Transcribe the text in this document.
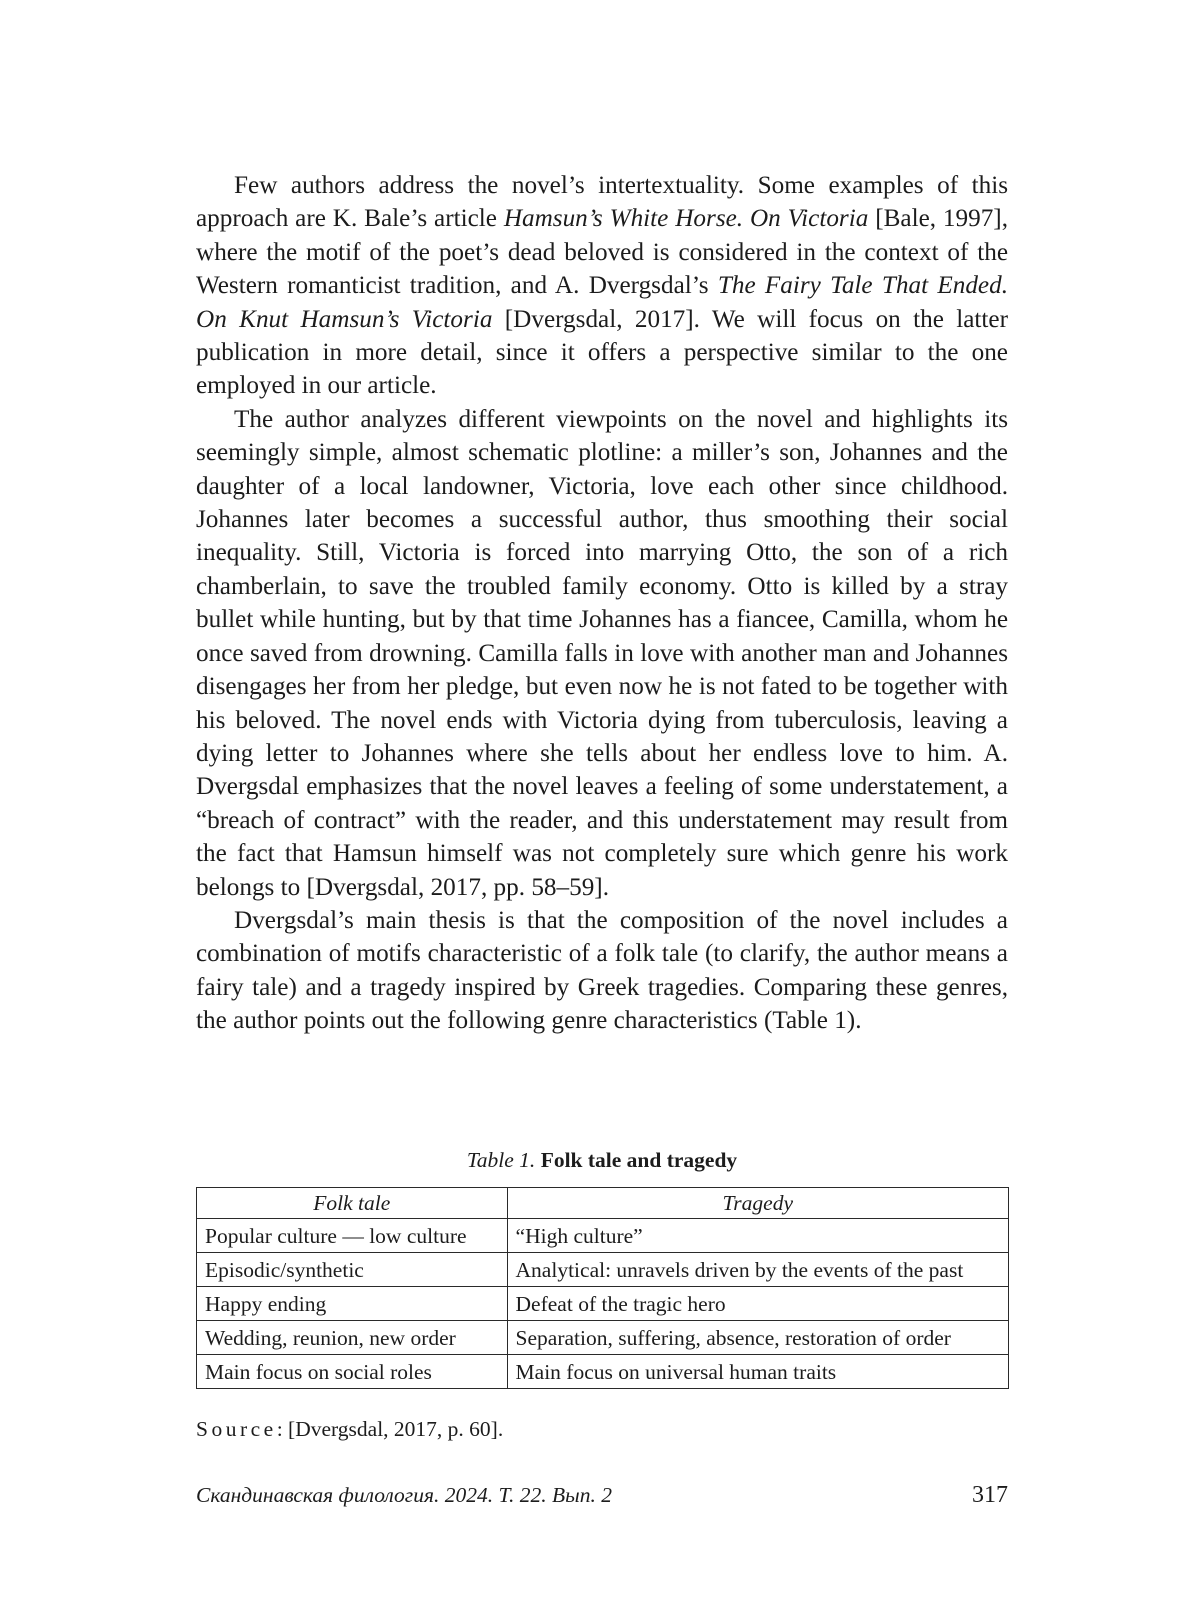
Few authors address the novel’s intertextuality. Some examples of this approach are K. Bale’s article Hamsun’s White Horse. On Victoria [Bale, 1997], where the motif of the poet’s dead beloved is considered in the context of the Western romanticist tradition, and A. Dvergsdal’s The Fairy Tale That Ended. On Knut Hamsun’s Victoria [Dvergsdal, 2017]. We will focus on the latter publication in more detail, since it offers a perspective similar to the one employed in our article.

The author analyzes different viewpoints on the novel and highlights its seemingly simple, almost schematic plotline: a miller’s son, Johannes and the daughter of a local landowner, Victoria, love each other since childhood. Johannes later becomes a successful author, thus smoothing their social inequality. Still, Victoria is forced into marrying Otto, the son of a rich chamberlain, to save the troubled family economy. Otto is killed by a stray bullet while hunting, but by that time Johannes has a fiancee, Camilla, whom he once saved from drowning. Camilla falls in love with another man and Johannes disengages her from her pledge, but even now he is not fated to be together with his beloved. The novel ends with Victoria dying from tuberculosis, leaving a dying letter to Johannes where she tells about her endless love to him. A. Dvergsdal emphasizes that the novel leaves a feeling of some understatement, a “breach of contract” with the reader, and this understatement may result from the fact that Hamsun himself was not completely sure which genre his work belongs to [Dvergsdal, 2017, pp. 58–59].

Dvergsdal’s main thesis is that the composition of the novel includes a combination of motifs characteristic of a folk tale (to clarify, the author means a fairy tale) and a tragedy inspired by Greek tragedies. Comparing these genres, the author points out the following genre characteristics (Table 1).

Table 1. Folk tale and tragedy
Folk tale	Tragedy
Popular culture — low culture	“High culture”
Episodic/synthetic	Analytical: unravels driven by the events of the past
Happy ending	Defeat of the tragic hero
Wedding, reunion, new order	Separation, suffering, absence, restoration of order
Main focus on social roles	Main focus on universal human traits
Source: [Dvergsdal, 2017, p. 60].
Скандинавская филология. 2024. Т. 22. Вып. 2	317
